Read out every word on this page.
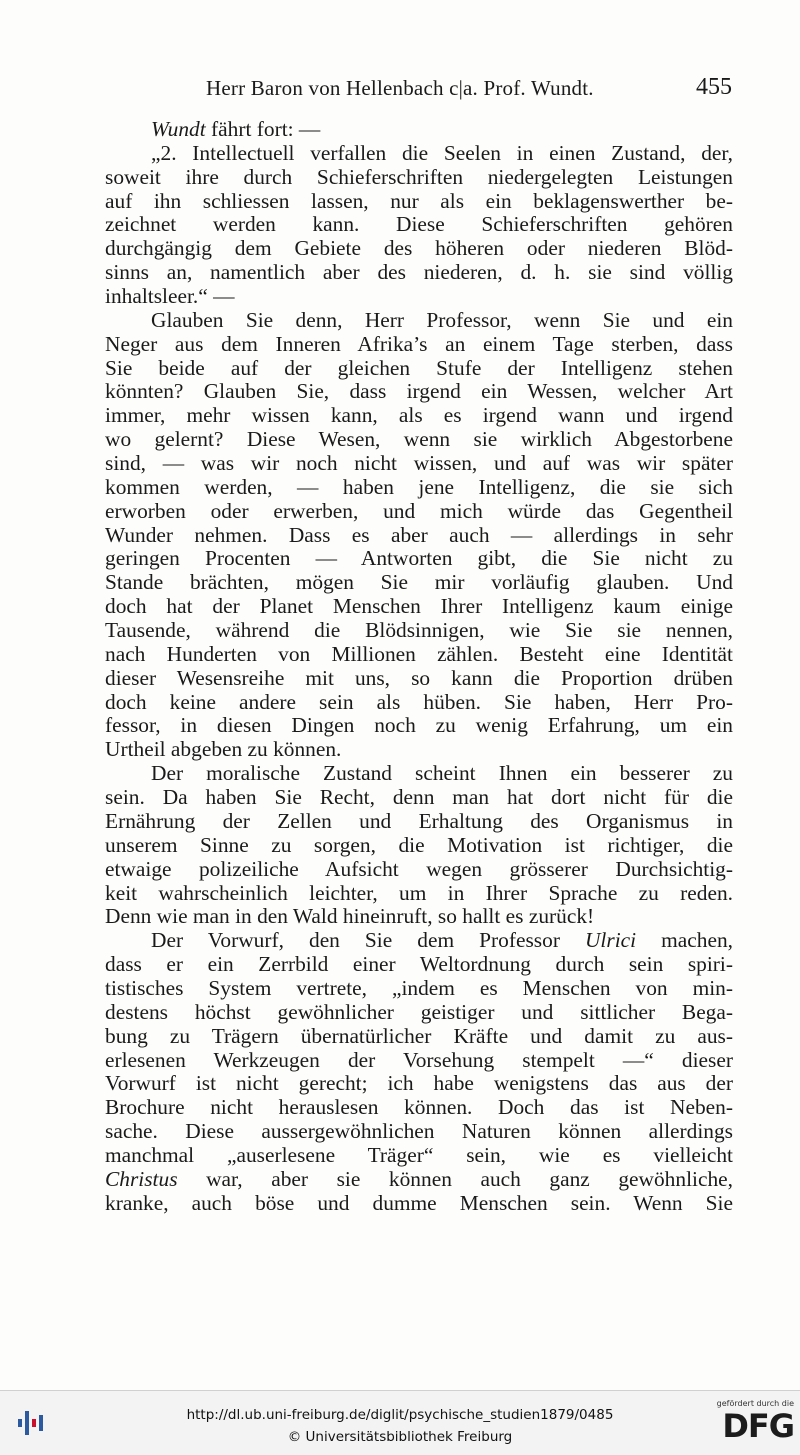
Herr Baron von Hellenbach c|a. Prof. Wundt.	455
Wundt fährt fort: —
„2. Intellectuell verfallen die Seelen in einen Zustand, der,
soweit ihre durch Schieferschriften niedergelegten Leistungen
auf ihn schliessen lassen, nur als ein beklagenswerther be-
zeichnet werden kann. Diese Schieferschriften gehören
durchgängig dem Gebiete des höheren oder niederen Blöd-
sinns an, namentlich aber des niederen, d. h. sie sind völlig
inhaltsleer.“ —
Glauben Sie denn, Herr Professor, wenn Sie und ein
Neger aus dem Inneren Afrika’s an einem Tage sterben, dass
Sie beide auf der gleichen Stufe der Intelligenz stehen
könnten? Glauben Sie, dass irgend ein Wessen, welcher Art
immer, mehr wissen kann, als es irgend wann und irgend
wo gelernt? Diese Wesen, wenn sie wirklich Abgestorbene
sind, — was wir noch nicht wissen, und auf was wir später
kommen werden, — haben jene Intelligenz, die sie sich
erworben oder erwerben, und mich würde das Gegentheil
Wunder nehmen. Dass es aber auch — allerdings in sehr
geringen Procenten — Antworten gibt, die Sie nicht zu
Stande brächten, mögen Sie mir vorläufig glauben. Und
doch hat der Planet Menschen Ihrer Intelligenz kaum einige
Tausende, während die Blödsinnigen, wie Sie sie nennen,
nach Hunderten von Millionen zählen. Besteht eine Identität
dieser Wesensreihe mit uns, so kann die Proportion drüben
doch keine andere sein als hüben. Sie haben, Herr Pro-
fessor, in diesen Dingen noch zu wenig Erfahrung, um ein
Urtheil abgeben zu können.
Der moralische Zustand scheint Ihnen ein besserer zu
sein. Da haben Sie Recht, denn man hat dort nicht für die
Ernährung der Zellen und Erhaltung des Organismus in
unserem Sinne zu sorgen, die Motivation ist richtiger, die
etwaige polizeiliche Aufsicht wegen grösserer Durchsichtig-
keit wahrscheinlich leichter, um in Ihrer Sprache zu reden.
Denn wie man in den Wald hineinruft, so hallt es zurück!
Der Vorwurf, den Sie dem Professor Ulrici machen,
dass er ein Zerrbild einer Weltordnung durch sein spiri-
tistisches System vertrete, „indem es Menschen von min-
destens höchst gewöhnlicher geistiger und sittlicher Bega-
bung zu Trägern übernatürlicher Kräfte und damit zu aus-
erlesenen Werkzeugen der Vorsehung stempelt —“ dieser
Vorwurf ist nicht gerecht; ich habe wenigstens das aus der
Brochure nicht herauslesen können. Doch das ist Neben-
sache. Diese aussergewöhnlichen Naturen können allerdings
manchmal „auserlesene Träger“ sein, wie es vielleicht
Christus war, aber sie können auch ganz gewöhnliche,
kranke, auch böse und dumme Menschen sein. Wenn Sie
http://dl.ub.uni-freiburg.de/diglit/psychische_studien1879/0485
© Universitätsbibliothek Freiburg
gefördert durch die
DFG
